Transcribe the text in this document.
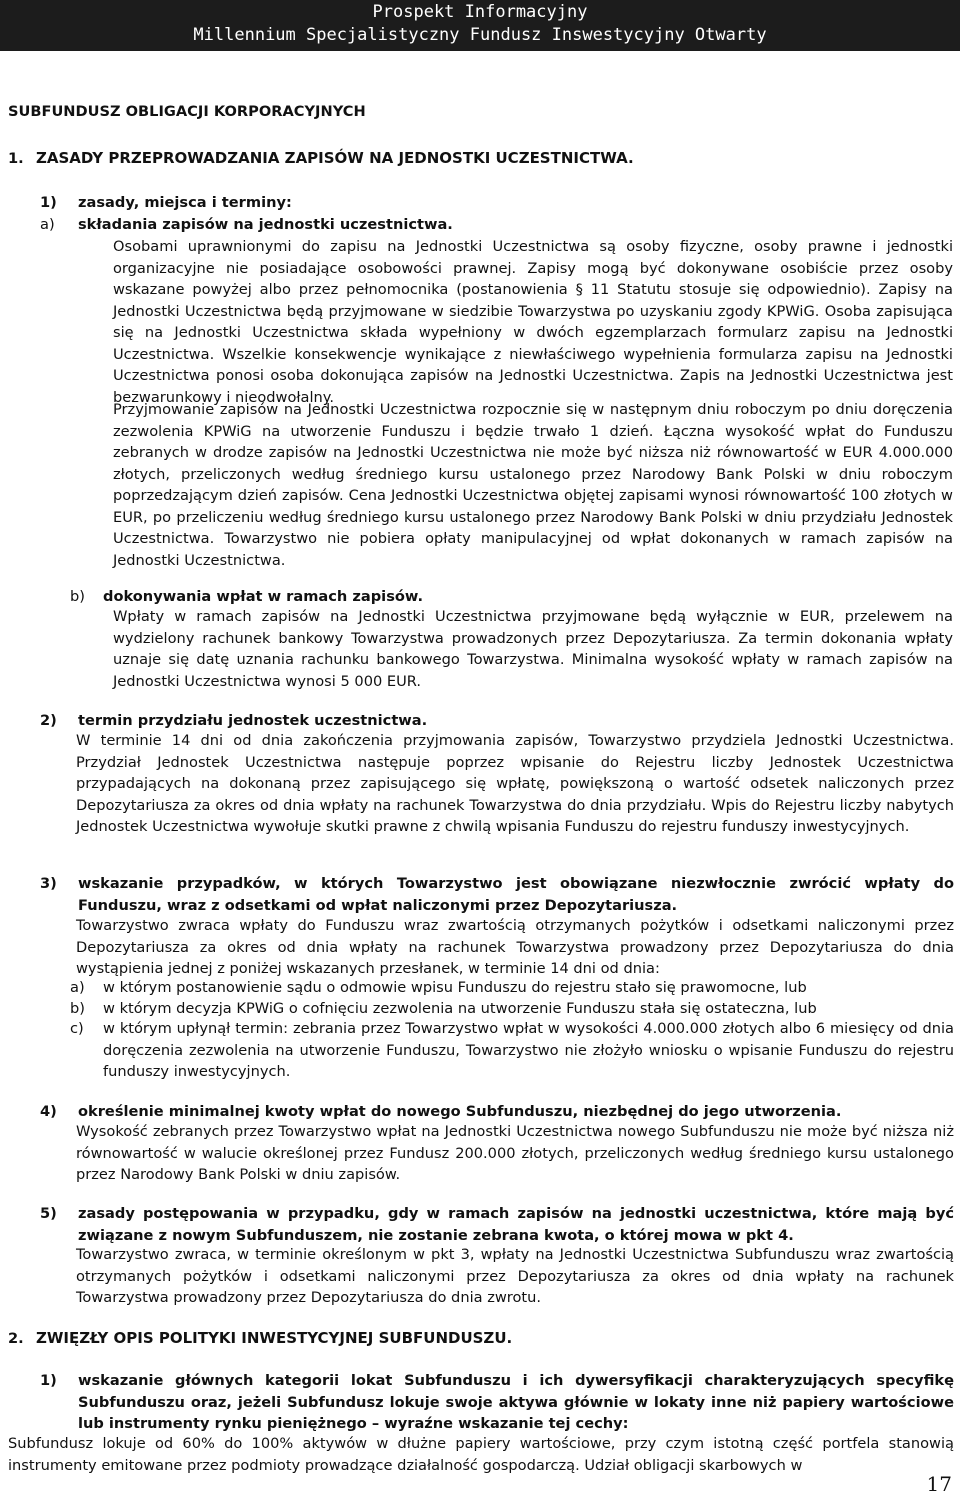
Prospekt Informacyjny
Millennium Specjalistyczny Fundusz Inswestycyjny Otwarty
SUBFUNDUSZ OBLIGACJI KORPORACYJNYCH
1. ZASADY PRZEPROWADZANIA ZAPISÓW NA JEDNOSTKI UCZESTNICTWA.
1) zasady, miejsca i terminy:
a) składania zapisów na jednostki uczestnictwa.
Osobami uprawnionymi do zapisu na Jednostki Uczestnictwa są osoby fizyczne, osoby prawne i jednostki organizacyjne nie posiadające osobowości prawnej. Zapisy mogą być dokonywane osobiście przez osoby wskazane powyżej albo przez pełnomocnika (postanowienia § 11 Statutu stosuje się odpowiednio). Zapisy na Jednostki Uczestnictwa będą przyjmowane w siedzibie Towarzystwa po uzyskaniu zgody KPWiG. Osoba zapisująca się na Jednostki Uczestnictwa składa wypełniony w dwóch egzemplarzach formularz zapisu na Jednostki Uczestnictwa. Wszelkie konsekwencje wynikające z niewłaściwego wypełnienia formularza zapisu na Jednostki Uczestnictwa ponosi osoba dokonująca zapisów na Jednostki Uczestnictwa. Zapis na Jednostki Uczestnictwa jest bezwarunkowy i nieodwołalny.
Przyjmowanie zapisów na Jednostki Uczestnictwa rozpocznie się w następnym dniu roboczym po dniu doręczenia zezwolenia KPWiG na utworzenie Funduszu i będzie trwało 1 dzień. Łączna wysokość wpłat do Funduszu zebranych w drodze zapisów na Jednostki Uczestnictwa nie może być niższa niż równowartość w EUR 4.000.000 złotych, przeliczonych według średniego kursu ustalonego przez Narodowy Bank Polski w dniu roboczym poprzedzającym dzień zapisów. Cena Jednostki Uczestnictwa objętej zapisami wynosi równowartość 100 złotych w EUR, po przeliczeniu według średniego kursu ustalonego przez Narodowy Bank Polski w dniu przydziału Jednostek Uczestnictwa. Towarzystwo nie pobiera opłaty manipulacyjnej od wpłat dokonanych w ramach zapisów na Jednostki Uczestnictwa.
b) dokonywania wpłat w ramach zapisów.
Wpłaty w ramach zapisów na Jednostki Uczestnictwa przyjmowane będą wyłącznie w EUR, przelewem na wydzielony rachunek bankowy Towarzystwa prowadzonych przez Depozytariusza. Za termin dokonania wpłaty uznaje się datę uznania rachunku bankowego Towarzystwa. Minimalna wysokość wpłaty w ramach zapisów na Jednostki Uczestnictwa wynosi 5 000 EUR.
2) termin przydziału jednostek uczestnictwa.
W terminie 14 dni od dnia zakończenia przyjmowania zapisów, Towarzystwo przydziela Jednostki Uczestnictwa. Przydział Jednostek Uczestnictwa następuje poprzez wpisanie do Rejestru liczby Jednostek Uczestnictwa przypadających na dokonaną przez zapisującego się wpłatę, powiększoną o wartość odsetek naliczonych przez Depozytariusza za okres od dnia wpłaty na rachunek Towarzystwa do dnia przydziału. Wpis do Rejestru liczby nabytych Jednostek Uczestnictwa wywołuje skutki prawne z chwilą wpisania Funduszu do rejestru funduszy inwestycyjnych.
3) wskazanie przypadków, w których Towarzystwo jest obowiązane niezwłocznie zwrócić wpłaty do Funduszu, wraz z odsetkami od wpłat naliczonymi przez Depozytariusza.
Towarzystwo zwraca wpłaty do Funduszu wraz zwartością otrzymanych pożytków i odsetkami naliczonymi przez Depozytariusza za okres od dnia wpłaty na rachunek Towarzystwa prowadzony przez Depozytariusza do dnia wystąpienia jednej z poniżej wskazanych przesłanek, w terminie 14 dni od dnia:
a) w którym postanowienie sądu o odmowie wpisu Funduszu do rejestru stało się prawomocne, lub
b) w którym decyzja KPWiG o cofnięciu zezwolenia na utworzenie Funduszu stała się ostateczna, lub
c) w którym upłynął termin: zebrania przez Towarzystwo wpłat w wysokości 4.000.000 złotych albo 6 miesięcy od dnia doręczenia zezwolenia na utworzenie Funduszu, Towarzystwo nie złożyło wniosku o wpisanie Funduszu do rejestru funduszy inwestycyjnych.
4) określenie minimalnej kwoty wpłat do nowego Subfunduszu, niezbędnej do jego utworzenia.
Wysokość zebranych przez Towarzystwo wpłat na Jednostki Uczestnictwa nowego Subfunduszu nie może być niższa niż równowartość w walucie określonej przez Fundusz 200.000 złotych, przeliczonych według średniego kursu ustalonego przez Narodowy Bank Polski w dniu zapisów.
5) zasady postępowania w przypadku, gdy w ramach zapisów na jednostki uczestnictwa, które mają być związane z nowym Subfunduszem, nie zostanie zebrana kwota, o której mowa w pkt 4.
Towarzystwo zwraca, w terminie określonym w pkt 3, wpłaty na Jednostki Uczestnictwa Subfunduszu wraz zwartością otrzymanych pożytków i odsetkami naliczonymi przez Depozytariusza za okres od dnia wpłaty na rachunek Towarzystwa prowadzony przez Depozytariusza do dnia zwrotu.
2. ZWIĘZŁY OPIS POLITYKI INWESTYCYJNEJ SUBFUNDUSZU.
1) wskazanie głównych kategorii lokat Subfunduszu i ich dywersyfikacji charakteryzujących specyfikę Subfunduszu oraz, jeżeli Subfundusz lokuje swoje aktywa głównie w lokaty inne niż papiery wartościowe lub instrumenty rynku pieniężnego – wyraźne wskazanie tej cechy:
Subfundusz lokuje od 60% do 100% aktywów w dłużne papiery wartościowe, przy czym istotną część portfela stanowią instrumenty emitowane przez podmioty prowadzące działalność gospodarczą. Udział obligacji skarbowych w
17
